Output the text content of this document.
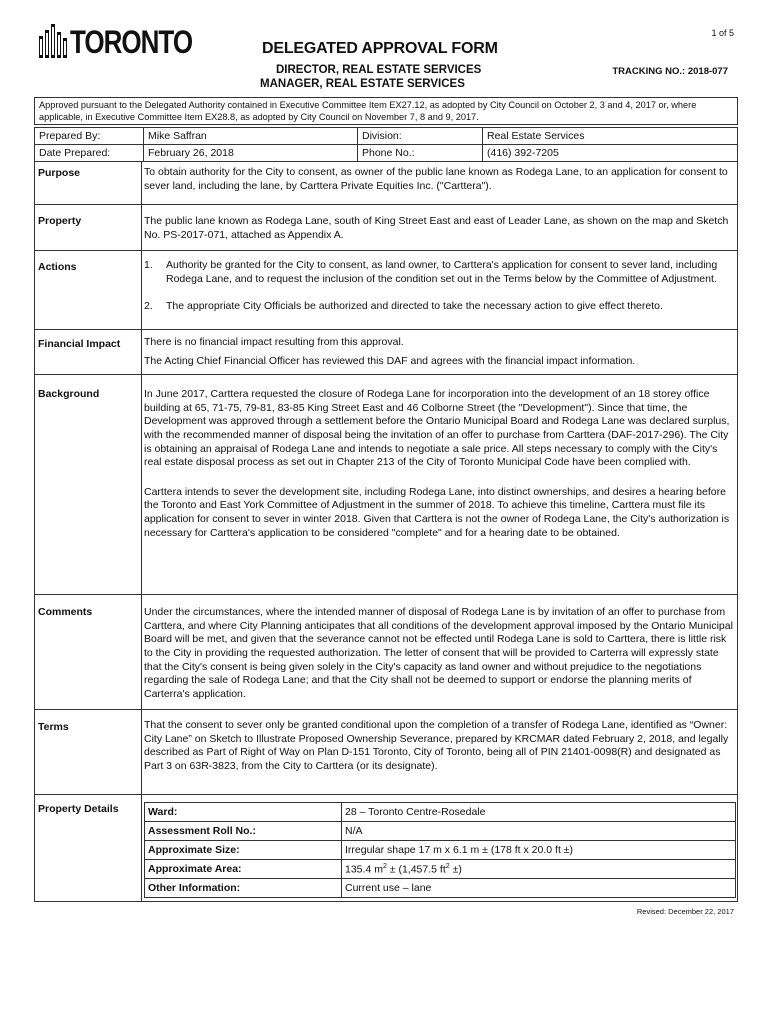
1 of 5
TORONTO	DELEGATED APPROVAL FORM
DIRECTOR, REAL ESTATE SERVICES
MANAGER, REAL ESTATE SERVICES
TRACKING NO.: 2018-077
Approved pursuant to the Delegated Authority contained in Executive Committee Item EX27.12, as adopted by City Council on October 2, 3 and 4, 2017 or, where applicable, in Executive Committee Item EX28.8, as adopted by City Council on November 7, 8 and 9, 2017.
Prepared By:	Mike Saffran	Division:	Real Estate Services
Date Prepared:	February 26, 2018	Phone No.:	(416) 392-7205
Purpose	To obtain authority for the City to consent, as owner of the public lane known as Rodega Lane, to an application for consent to sever land, including the lane, by Carttera Private Equities Inc. ("Carttera").
Property	The public lane known as Rodega Lane, south of King Street East and east of Leader Lane, as shown on the map and Sketch No. PS-2017-071, attached as Appendix A.
Actions	1.	Authority be granted for the City to consent, as land owner, to Carttera's application for consent to sever land, including Rodega Lane, and to request the inclusion of the condition set out in the Terms below by the Committee of Adjustment.
2.	The appropriate City Officials be authorized and directed to take the necessary action to give effect thereto.
Financial Impact There is no financial impact resulting from this approval.
The Acting Chief Financial Officer has reviewed this DAF and agrees with the financial impact information.
Background	In June 2017, Carttera requested the closure of Rodega Lane for incorporation into the development of an 18 storey office building at 65, 71-75, 79-81, 83-85 King Street East and 46 Colborne Street (the "Development"). Since that time, the Development was approved through a settlement before the Ontario Municipal Board and Rodega Lane was declared surplus, with the recommended manner of disposal being the invitation of an offer to purchase from Carttera (DAF-2017-296). The City is obtaining an appraisal of Rodega Lane and intends to negotiate a sale price. All steps necessary to comply with the City's real estate disposal process as set out in Chapter 213 of the City of Toronto Municipal Code have been complied with.
Carttera intends to sever the development site, including Rodega Lane, into distinct ownerships, and desires a hearing before the Toronto and East York Committee of Adjustment in the summer of 2018. To achieve this timeline, Carttera must file its application for consent to sever in winter 2018. Given that Carttera is not the owner of Rodega Lane, the City's authorization is necessary for Carttera's application to be considered "complete" and for a hearing date to be obtained.
Comments	Under the circumstances, where the intended manner of disposal of Rodega Lane is by invitation of an offer to purchase from Carttera, and where City Planning anticipates that all conditions of the development approval imposed by the Ontario Municipal Board will be met, and given that the severance cannot not be effected until Rodega Lane is sold to Carttera, there is little risk to the City in providing the requested authorization. The letter of consent that will be provided to Carterra will expressly state that the City's consent is being given solely in the City's capacity as land owner and without prejudice to the negotiations regarding the sale of Rodega Lane; and that the City shall not be deemed to support or endorse the planning merits of Carterra's application.
Terms	That the consent to sever only be granted conditional upon the completion of a transfer of Rodega Lane, identified as “Owner: City Lane” on Sketch to Illustrate Proposed Ownership Severance, prepared by KRCMAR dated February 2, 2018, and legally described as Part of Right of Way on Plan D-151 Toronto, City of Toronto, being all of PIN 21401-0098(R) and designated as Part 3 on 63R-3823, from the City to Carttera (or its designate).
Property Details	Ward:	28 – Toronto Centre-Rosedale
Assessment Roll No.:	N/A
Approximate Size:	Irregular shape 17 m x 6.1 m ± (178 ft x 20.0 ft ±)
Approximate Area:	135.4 $m^2 \pm (1,457.5$ $ft^2$ ±)
Other Information:	Current use – lane
Revised: December 22, 2017
